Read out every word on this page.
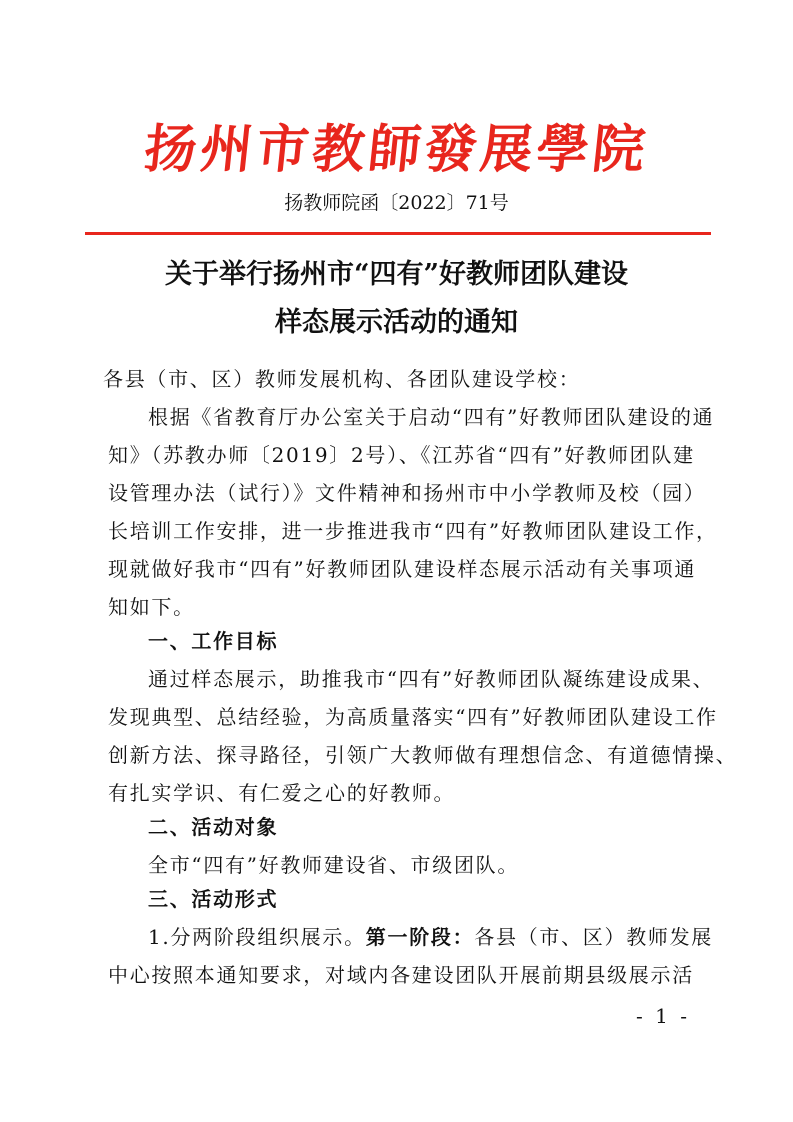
扬州市教師發展學院
扬教师院函〔2022〕71号
关于举行扬州市“四有”好教师团队建设
样态展示活动的通知
各县（市、区）教师发展机构、各团队建设学校：
根据《省教育厅办公室关于启动“四有”好教师团队建设的通
知》（苏教办师〔2019〕2号）、《江苏省“四有”好教师团队建
设管理办法（试行）》文件精神和扬州市中小学教师及校（园）
长培训工作安排，进一步推进我市“四有”好教师团队建设工作，
现就做好我市“四有”好教师团队建设样态展示活动有关事项通
知如下。
一、工作目标
通过样态展示，助推我市“四有”好教师团队凝练建设成果、
发现典型、总结经验，为高质量落实“四有”好教师团队建设工作
创新方法、探寻路径，引领广大教师做有理想信念、有道德情操、
有扎实学识、有仁爱之心的好教师。
二、活动对象
全市“四有”好教师建设省、市级团队。
三、活动形式
1.分两阶段组织展示。第一阶段：各县（市、区）教师发展
中心按照本通知要求，对域内各建设团队开展前期县级展示活
- 1 -
